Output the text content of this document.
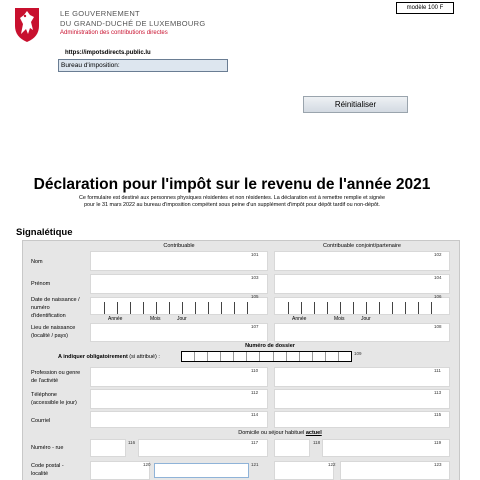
LE GOUVERNEMENT
DU GRAND-DUCHÉ DE LUXEMBOURG
Administration des contributions directes
modèle 100 F
https://impotsdirects.public.lu
Bureau d'imposition:
Réinitialiser
Déclaration pour l'impôt sur le revenu de l'année 2021
Ce formulaire est destiné aux personnes physiques résidentes et non résidentes. La déclaration est à remettre remplie et signée
pour le 31 mars 2022 au bureau d'imposition compétent sous peine d'un supplément d'impôt pour dépôt tardif ou non-dépôt.
Signalétique
Contribuable	Contribuable conjoint/partenaire
Nom
101	102
Prénom
103	104
Date de naissance /
numéro
d'identification
105	106
Année	Mois	Jour	Année	Mois	Jour
Lieu de naissance
(localité / pays)
107	108
Numéro de dossier
A indiquer obligatoirement (si attribué) :
109
Profession ou genre
de l'activité
110	111
Téléphone
(accessible le jour)
112	113
Courriel
114	115
Domicile ou séjour habituel actuel
Numéro - rue
116	117	118	119
Code postal -
localité
120	121	122	123
